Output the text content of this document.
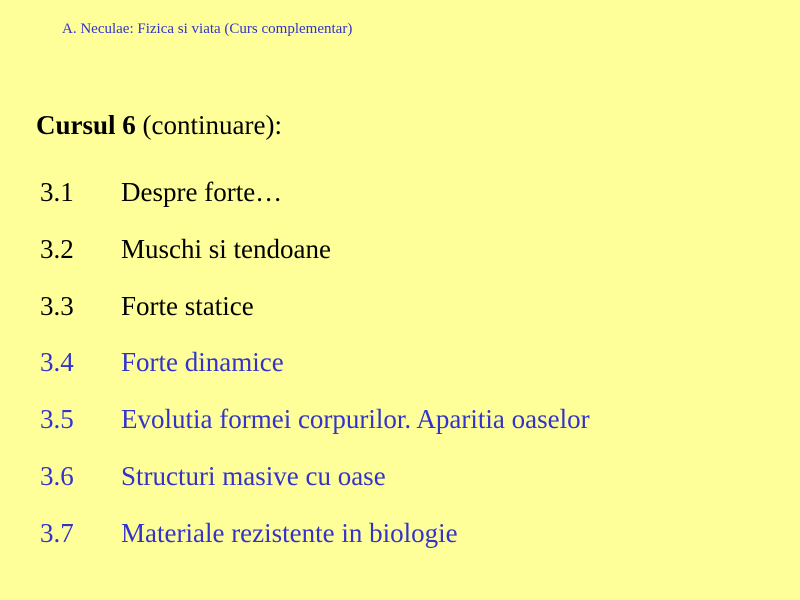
A. Neculae: Fizica si viata (Curs complementar)
Cursul 6 (continuare):
3.1 Despre forte…
3.2 Muschi si tendoane
3.3 Forte statice
3.4 Forte dinamice
3.5 Evolutia formei corpurilor. Aparitia oaselor
3.6 Structuri masive cu oase
3.7 Materiale rezistente in biologie
